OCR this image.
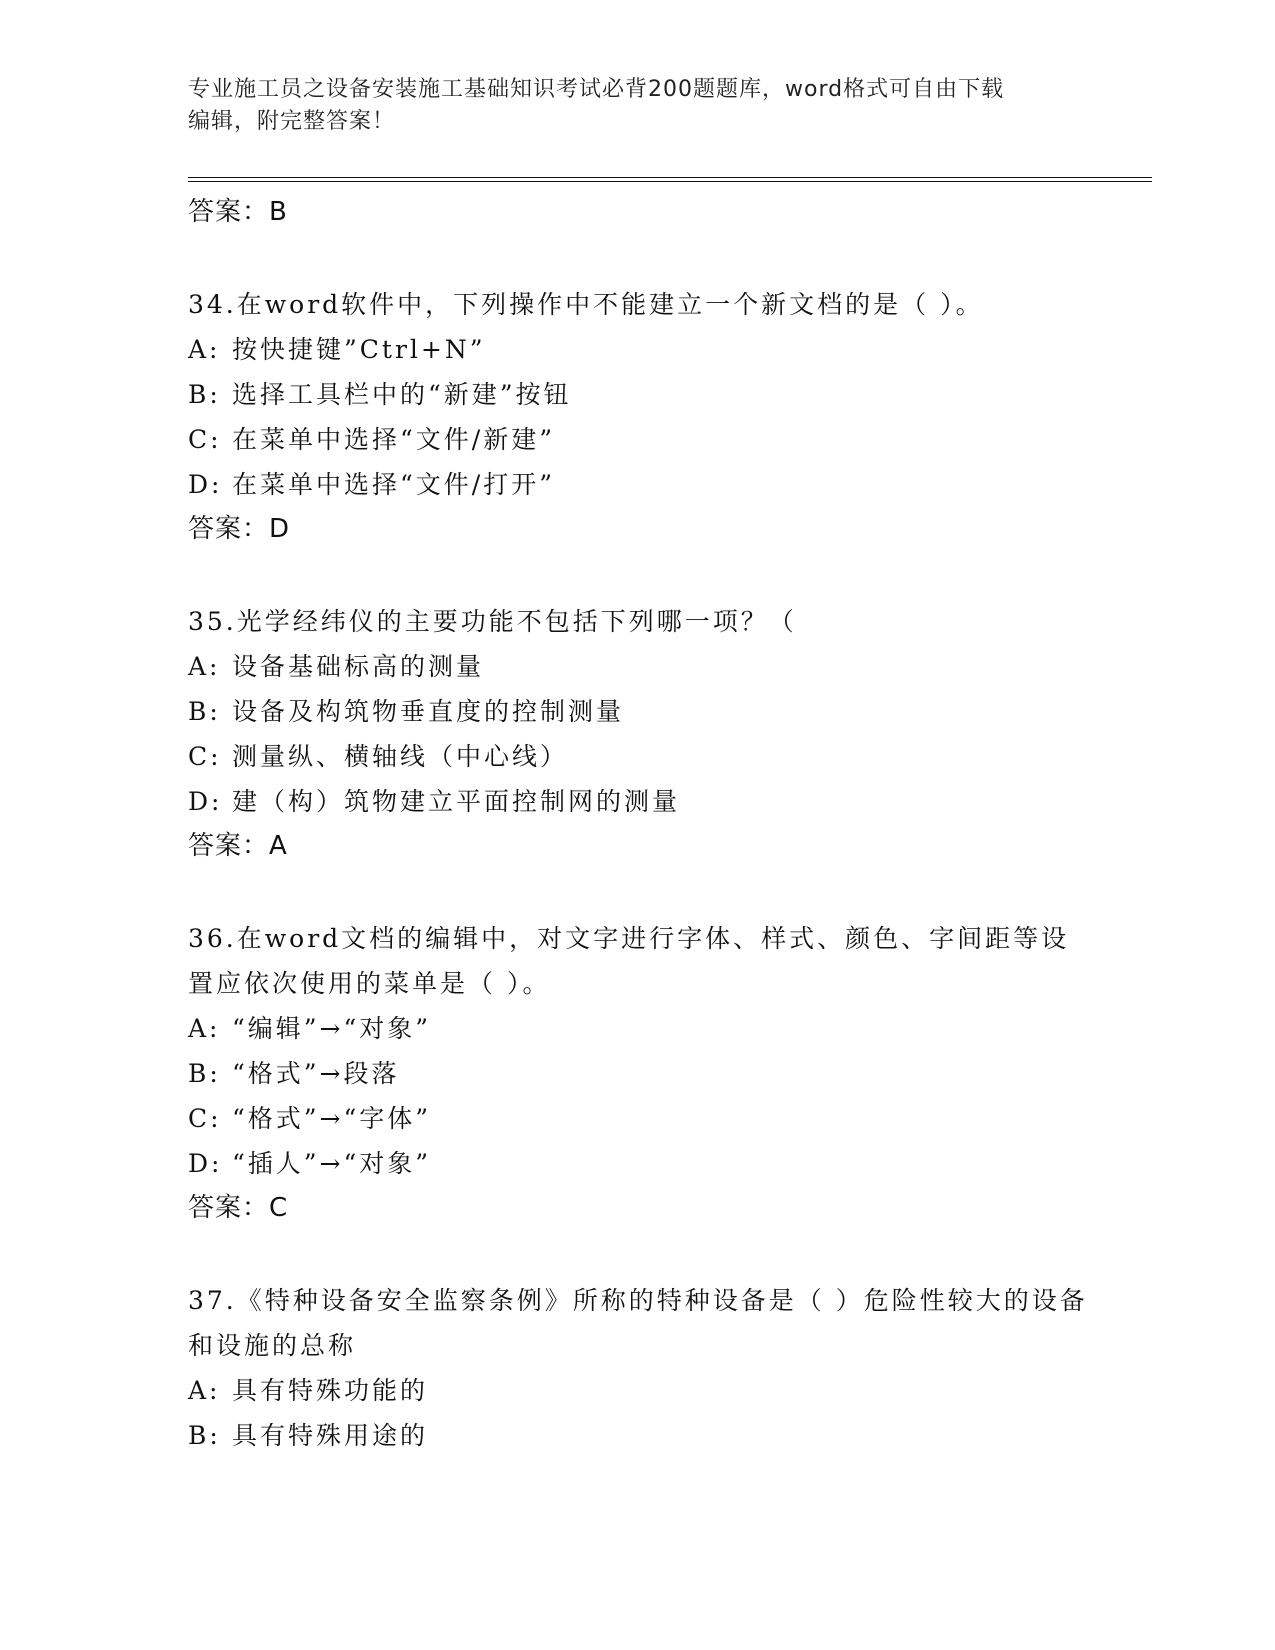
专业施工员之设备安装施工基础知识考试必背200题题库，word格式可自由下载
编辑，附完整答案！
答案：B
34.在word软件中，下列操作中不能建立一个新文档的是（ ）。
A: 按快捷键”Ctrl+N”
B: 选择工具栏中的“新建”按钮
C: 在菜单中选择“文件/新建”
D: 在菜单中选择“文件/打开”
答案：D
35.光学经纬仪的主要功能不包括下列哪一项？（
A: 设备基础标高的测量
B: 设备及构筑物垂直度的控制测量
C: 测量纵、横轴线（中心线）
D: 建（构）筑物建立平面控制网的测量
答案：A
36.在word文档的编辑中，对文字进行字体、样式、颜色、字间距等设置应依次使用的菜单是（ ）。
A: “编辑”→“对象”
B: “格式”→段落
C: “格式”→“字体”
D: “插人”→“对象”
答案：C
37.《特种设备安全监察条例》所称的特种设备是（ ）危险性较大的设备和设施的总称
A: 具有特殊功能的
B: 具有特殊用途的
